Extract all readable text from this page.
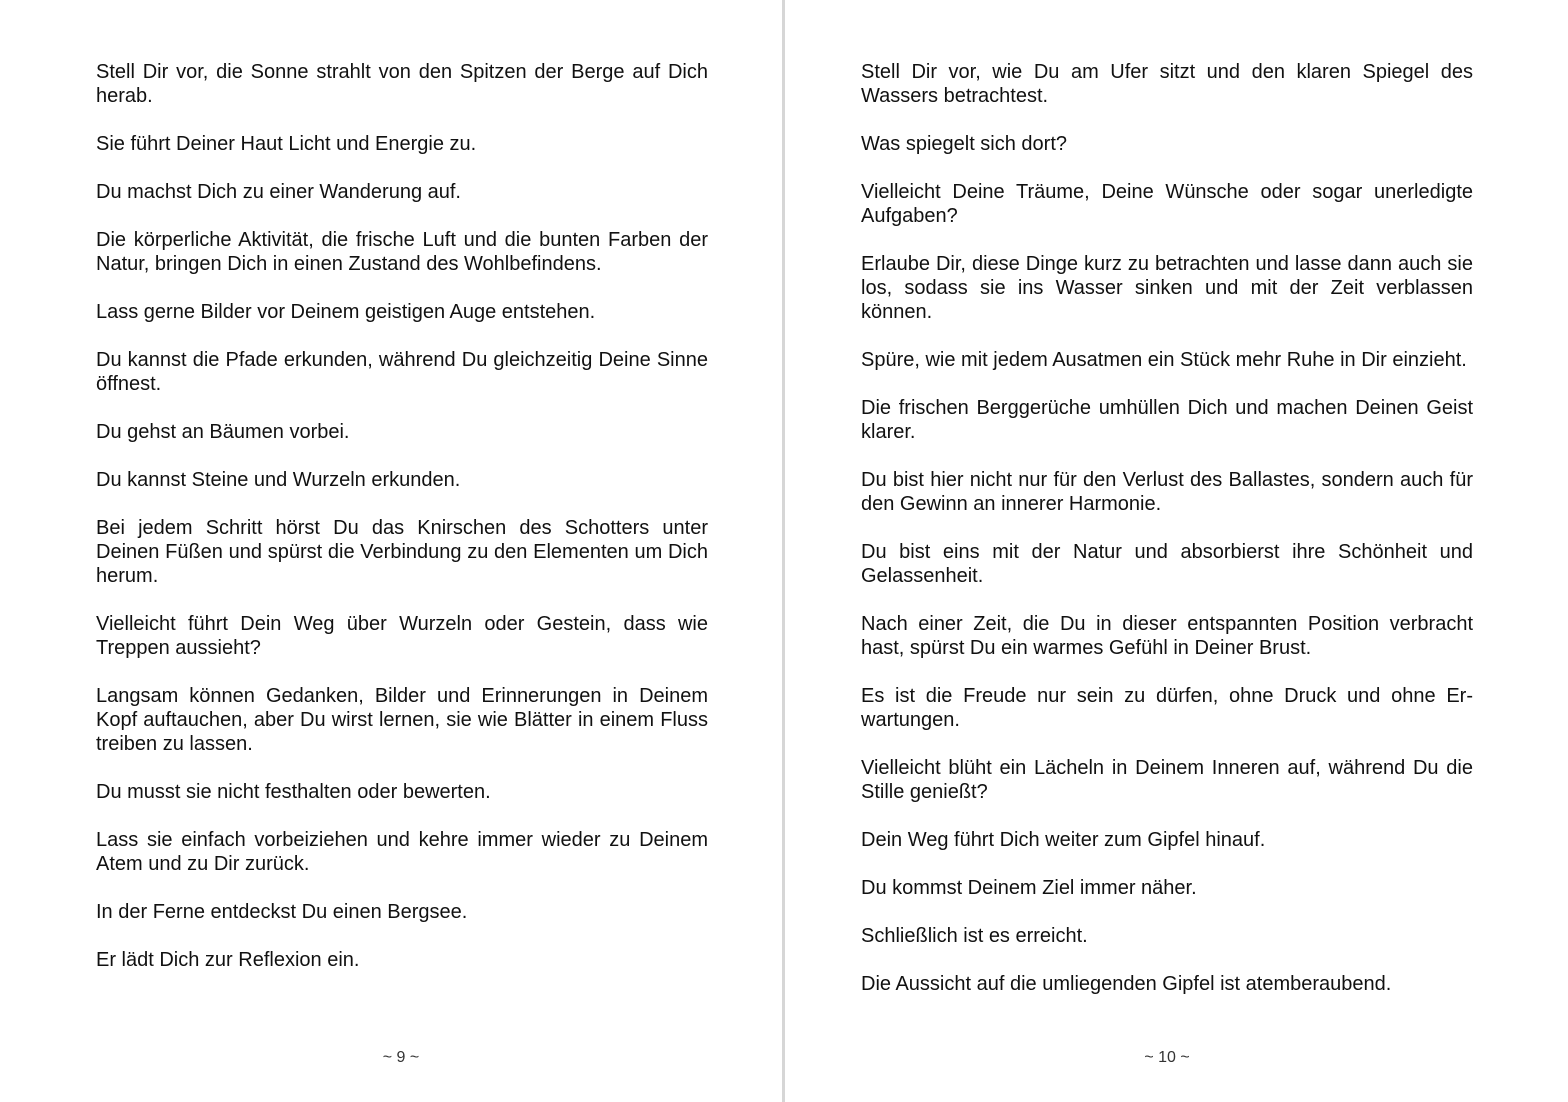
Stell Dir vor, die Sonne strahlt von den Spitzen der Berge auf Dich herab.

Sie führt Deiner Haut Licht und Energie zu.

Du machst Dich zu einer Wanderung auf.

Die körperliche Aktivität, die frische Luft und die bunten Farben der Natur, bringen Dich in einen Zustand des Wohlbefindens.

Lass gerne Bilder vor Deinem geistigen Auge entstehen.

Du kannst die Pfade erkunden, während Du gleichzeitig Deine Sinne öffnest.

Du gehst an Bäumen vorbei.

Du kannst Steine und Wurzeln erkunden.

Bei jedem Schritt hörst Du das Knirschen des Schotters unter Deinen Füßen und spürst die Verbindung zu den Elementen um Dich herum.

Vielleicht führt Dein Weg über Wurzeln oder Gestein, dass wie Treppen aussieht?

Langsam können Gedanken, Bilder und Erinnerungen in Deinem Kopf auftauchen, aber Du wirst lernen, sie wie Blätter in einem Fluss treiben zu lassen.

Du musst sie nicht festhalten oder bewerten.

Lass sie einfach vorbeiziehen und kehre immer wieder zu Deinem Atem und zu Dir zurück.

In der Ferne entdeckst Du einen Bergsee.

Er lädt Dich zur Reflexion ein.

~ 9 ~

Stell Dir vor, wie Du am Ufer sitzt und den klaren Spiegel des Wassers betrachtest.

Was spiegelt sich dort?

Vielleicht Deine Träume, Deine Wünsche oder sogar unerledigte Aufgaben?

Erlaube Dir, diese Dinge kurz zu betrachten und lasse dann auch sie los, sodass sie ins Wasser sinken und mit der Zeit verblassen können.

Spüre, wie mit jedem Ausatmen ein Stück mehr Ruhe in Dir einzieht.

Die frischen Berggerüche umhüllen Dich und machen Deinen Geist klarer.

Du bist hier nicht nur für den Verlust des Ballastes, sondern auch für den Gewinn an innerer Harmonie.

Du bist eins mit der Natur und absorbierst ihre Schönheit und Gelassenheit.

Nach einer Zeit, die Du in dieser entspannten Position verbracht hast, spürst Du ein warmes Gefühl in Deiner Brust.

Es ist die Freude nur sein zu dürfen, ohne Druck und ohne Erwartungen.

Vielleicht blüht ein Lächeln in Deinem Inneren auf, während Du die Stille genießt?

Dein Weg führt Dich weiter zum Gipfel hinauf.

Du kommst Deinem Ziel immer näher.

Schließlich ist es erreicht.

Die Aussicht auf die umliegenden Gipfel ist atemberaubend.

~ 10 ~
